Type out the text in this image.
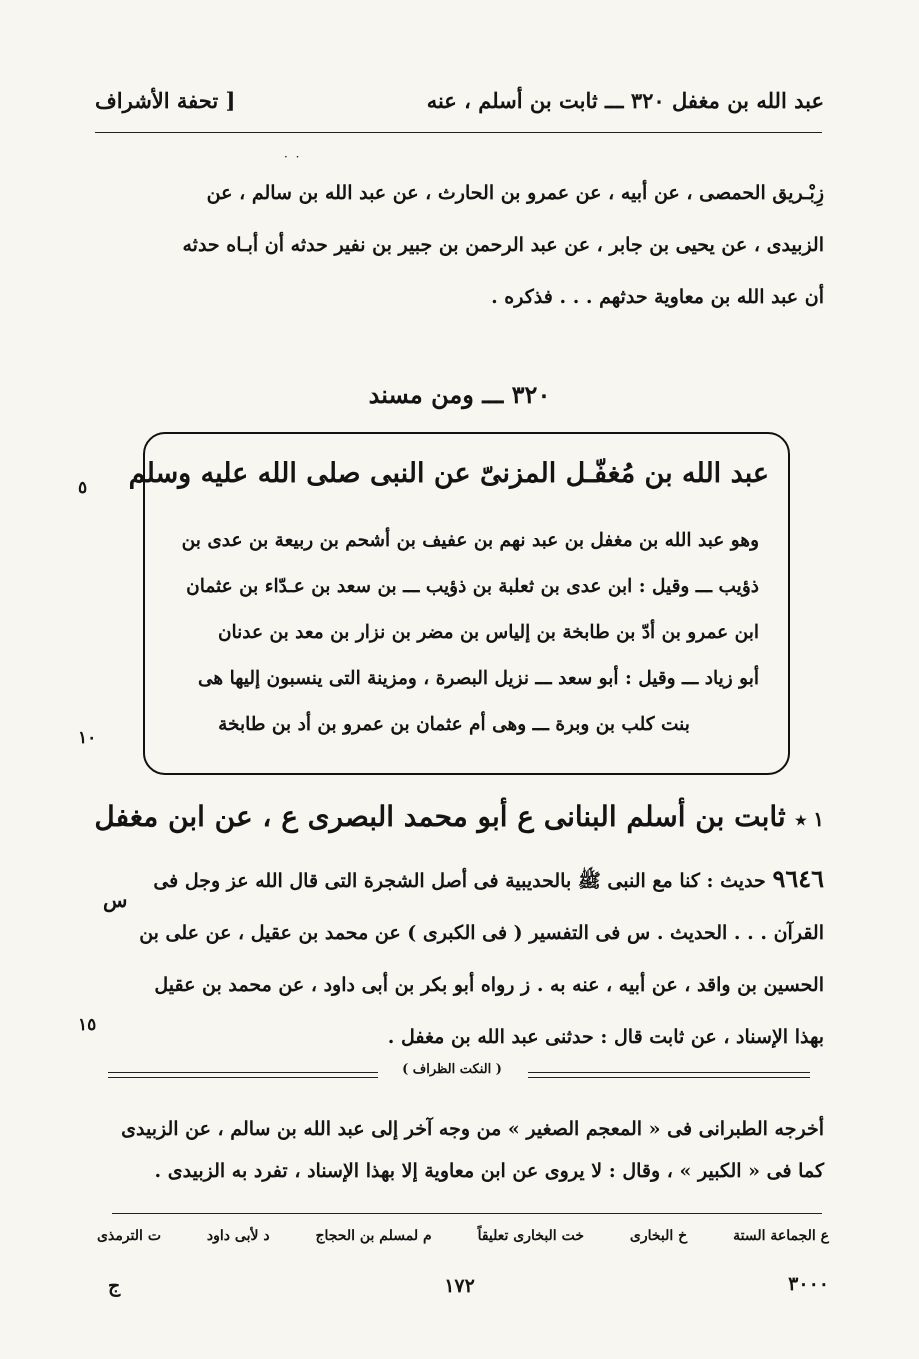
عبد الله بن مغفل ٣٢٠ ـــ ثابت بن أسلم ، عنه
[ تحفة الأشراف
· ·
زِبْـريق الحمصى ، عن أبيه ، عن عمرو بن الحارث ، عن عبد الله بن سالم ، عن
الزبيدى ، عن يحيى بن جابر ، عن عبد الرحمن بن جبير بن نفير حدثه أن أبـاه حدثه
أن عبد الله بن معاوية حدثهم . . . فذكره .
٣٢٠ ـــ ومن مسند
عبد الله بن مُغفّـل المزنىّ عن النبى صلى الله عليه وسلم
وهو عبد الله بن مغفل بن عبد نهم بن عفيف بن أشحم بن ربيعة بن عدى بن
ذؤيب ـــ وقيل : ابن عدى بن ثعلبة بن ذؤيب ـــ بن سعد بن عـدّاء بن عثمان
ابن عمرو بن أدّ بن طابخة بن إلياس بن مضر بن نزار بن معد بن عدنان
أبو زياد ـــ وقيل : أبو سعد ـــ نزيل البصرة ، ومزينة التى ينسبون إليها هى
بنت كلب بن وبرة ـــ وهى أم عثمان بن عمرو بن أد بن طابخة
٥
١٠
١٥
١ ⭑ ثابت بن أسلم البنانى ع أبو محمد البصرى ع ، عن ابن مغفل
س
٩٦٤٦ حديث : كنا مع النبى ﷺ بالحديبية فى أصل الشجرة التى قال الله عز وجل فى
القرآن . . . الحديث . س فى التفسير ( فى الكبرى ) عن محمد بن عقيل ، عن على بن
الحسين بن واقد ، عن أبيه ، عنه به . ز رواه أبو بكر بن أبى داود ، عن محمد بن عقيل
بهذا الإسناد ، عن ثابت قال : حدثنى عبد الله بن مغفل .
( النكت الظراف )
أخرجه الطبرانى فى « المعجم الصغير » من وجه آخر إلى عبد الله بن سالم ، عن الزبيدى
كما فى « الكبير » ، وقال : لا يروى عن ابن معاوية إلا بهذا الإسناد ، تفرد به الزبيدى .
ع الجماعة الستة
خ البخارى
خت البخارى تعليقاً
م لمسلم بن الحجاج
د لأبى داود
ت الترمذى
١٧٢	٣٠٠٠
ج
